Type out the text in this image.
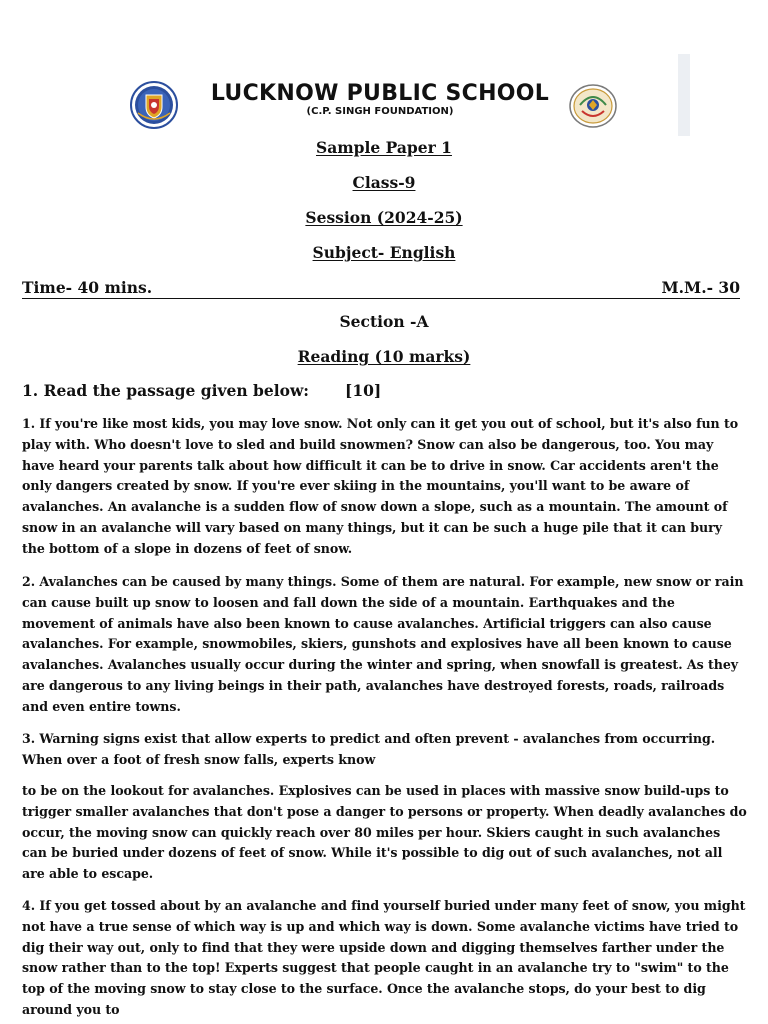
LUCKNOW PUBLIC SCHOOL
(C.P. SINGH FOUNDATION)
Sample Paper 1
Class-9
Session (2024-25)
Subject- English
Time- 40 mins.	M.M.- 30
Section -A
Reading (10 marks)
1. Read the passage given below: [10]
1. If you're like most kids, you may love snow. Not only can it get you out of school, but it's also fun to play with. Who doesn't love to sled and build snowmen? Snow can also be dangerous, too. You may have heard your parents talk about how difficult it can be to drive in snow. Car accidents aren't the only dangers created by snow. If you're ever skiing in the mountains, you'll want to be aware of avalanches. An avalanche is a sudden flow of snow down a slope, such as a mountain. The amount of snow in an avalanche will vary based on many things, but it can be such a huge pile that it can bury the bottom of a slope in dozens of feet of snow.
2. Avalanches can be caused by many things. Some of them are natural. For example, new snow or rain can cause built up snow to loosen and fall down the side of a mountain. Earthquakes and the movement of animals have also been known to cause avalanches. Artificial triggers can also cause avalanches. For example, snowmobiles, skiers, gunshots and explosives have all been known to cause avalanches. Avalanches usually occur during the winter and spring, when snowfall is greatest. As they are dangerous to any living beings in their path, avalanches have destroyed forests, roads, railroads and even entire towns.
3. Warning signs exist that allow experts to predict and often prevent - avalanches from occurring. When over a foot of fresh snow falls, experts know
to be on the lookout for avalanches. Explosives can be used in places with massive snow build-ups to trigger smaller avalanches that don't pose a danger to persons or property. When deadly avalanches do occur, the moving snow can quickly reach over 80 miles per hour. Skiers caught in such avalanches can be buried under dozens of feet of snow. While it's possible to dig out of such avalanches, not all are able to escape.
4. If you get tossed about by an avalanche and find yourself buried under many feet of snow, you might not have a true sense of which way is up and which way is down. Some avalanche victims have tried to dig their way out, only to find that they were upside down and digging themselves farther under the snow rather than to the top! Experts suggest that people caught in an avalanche try to "swim" to the top of the moving snow to stay close to the surface. Once the avalanche stops, do your best to dig around you to
